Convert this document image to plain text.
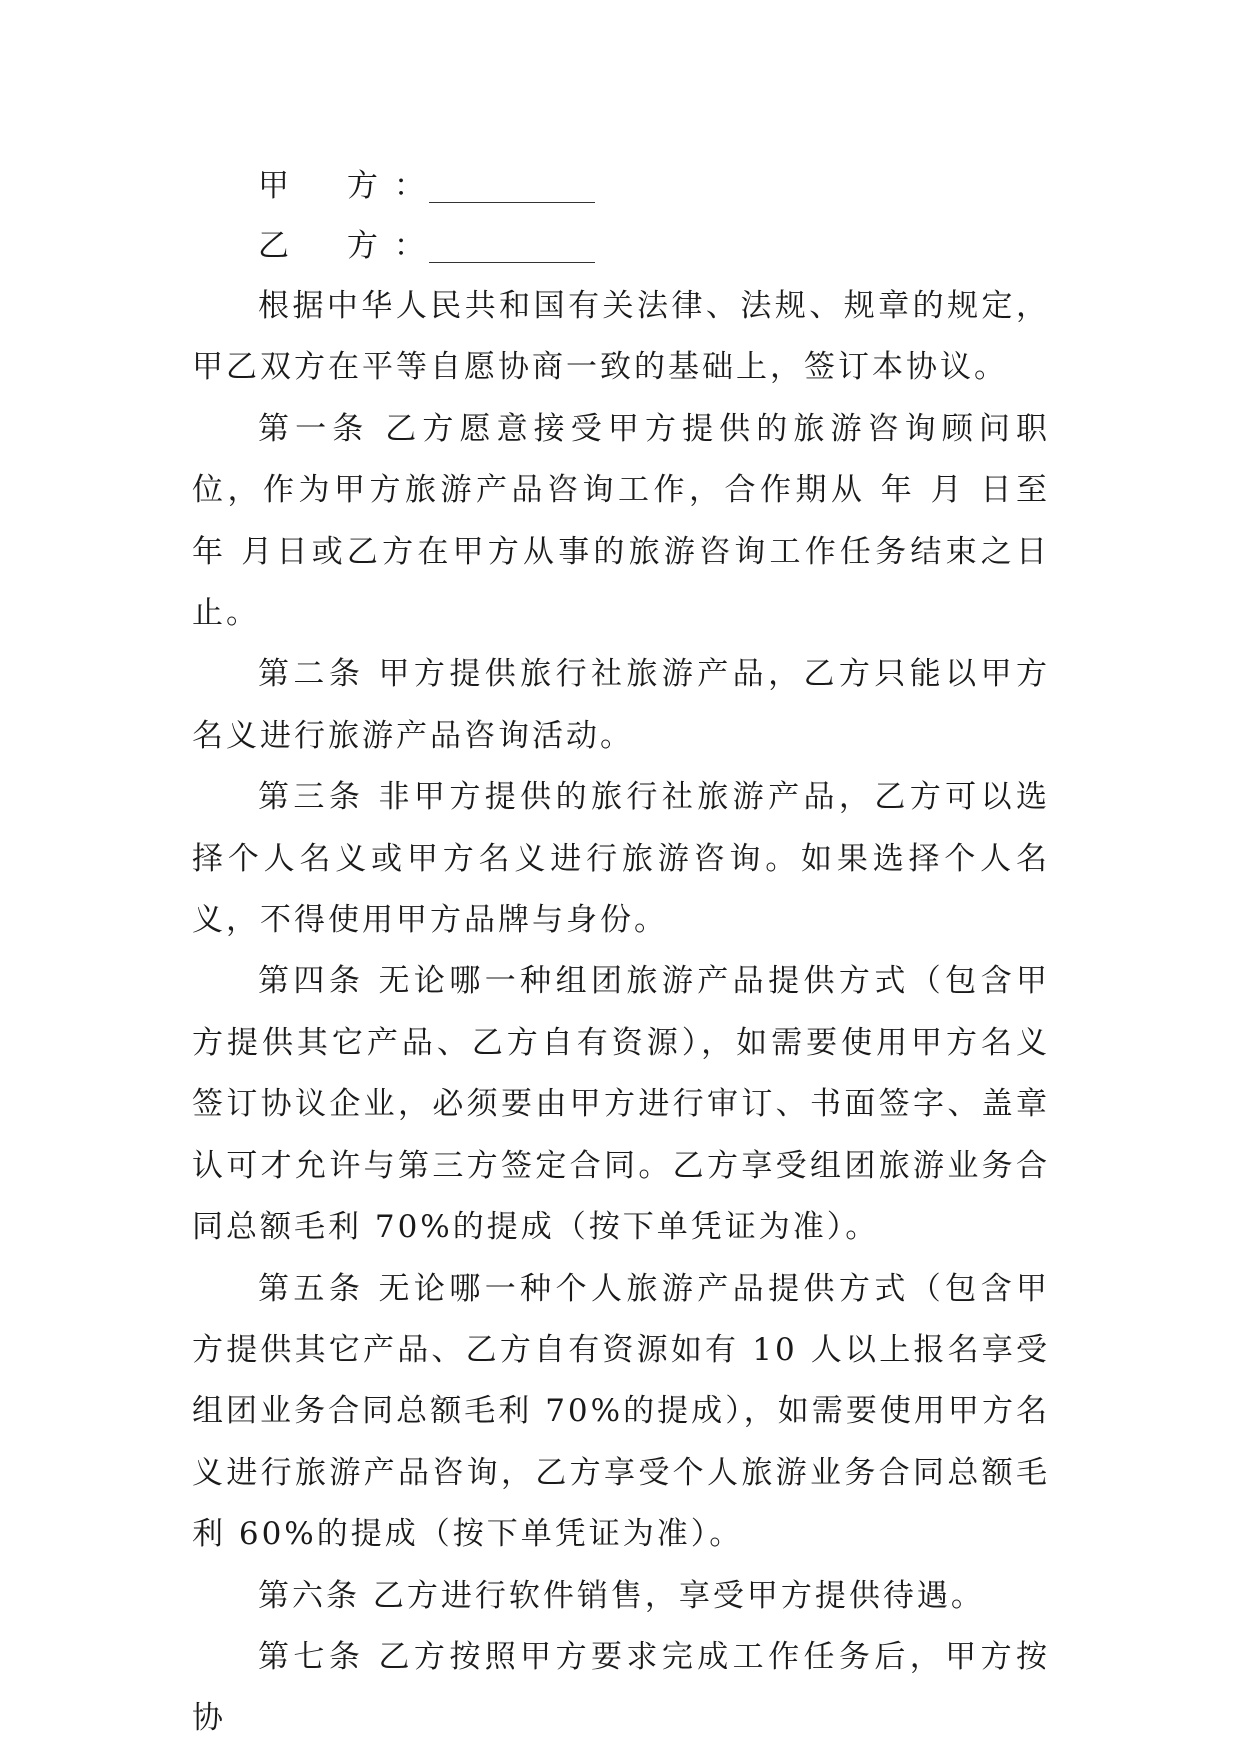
甲 方：
乙 方：

根据中华人民共和国有关法律、法规、规章的规定，甲乙双方在平等自愿协商一致的基础上，签订本协议。

第一条 乙方愿意接受甲方提供的旅游咨询顾问职位，作为甲方旅游产品咨询工作，合作期从 年 月 日至 年 月日或乙方在甲方从事的旅游咨询工作任务结束之日止。

第二条 甲方提供旅行社旅游产品，乙方只能以甲方名义进行旅游产品咨询活动。

第三条 非甲方提供的旅行社旅游产品，乙方可以选择个人名义或甲方名义进行旅游咨询。如果选择个人名义，不得使用甲方品牌与身份。

第四条 无论哪一种组团旅游产品提供方式（包含甲方提供其它产品、乙方自有资源），如需要使用甲方名义签订协议企业，必须要由甲方进行审订、书面签字、盖章认可才允许与第三方签定合同。乙方享受组团旅游业务合同总额毛利 70%的提成（按下单凭证为准）。

第五条 无论哪一种个人旅游产品提供方式（包含甲方提供其它产品、乙方自有资源如有 10 人以上报名享受组团业务合同总额毛利 70%的提成），如需要使用甲方名义进行旅游产品咨询，乙方享受个人旅游业务合同总额毛利 60%的提成（按下单凭证为准）。

第六条 乙方进行软件销售，享受甲方提供待遇。

第七条 乙方按照甲方要求完成工作任务后，甲方按协
